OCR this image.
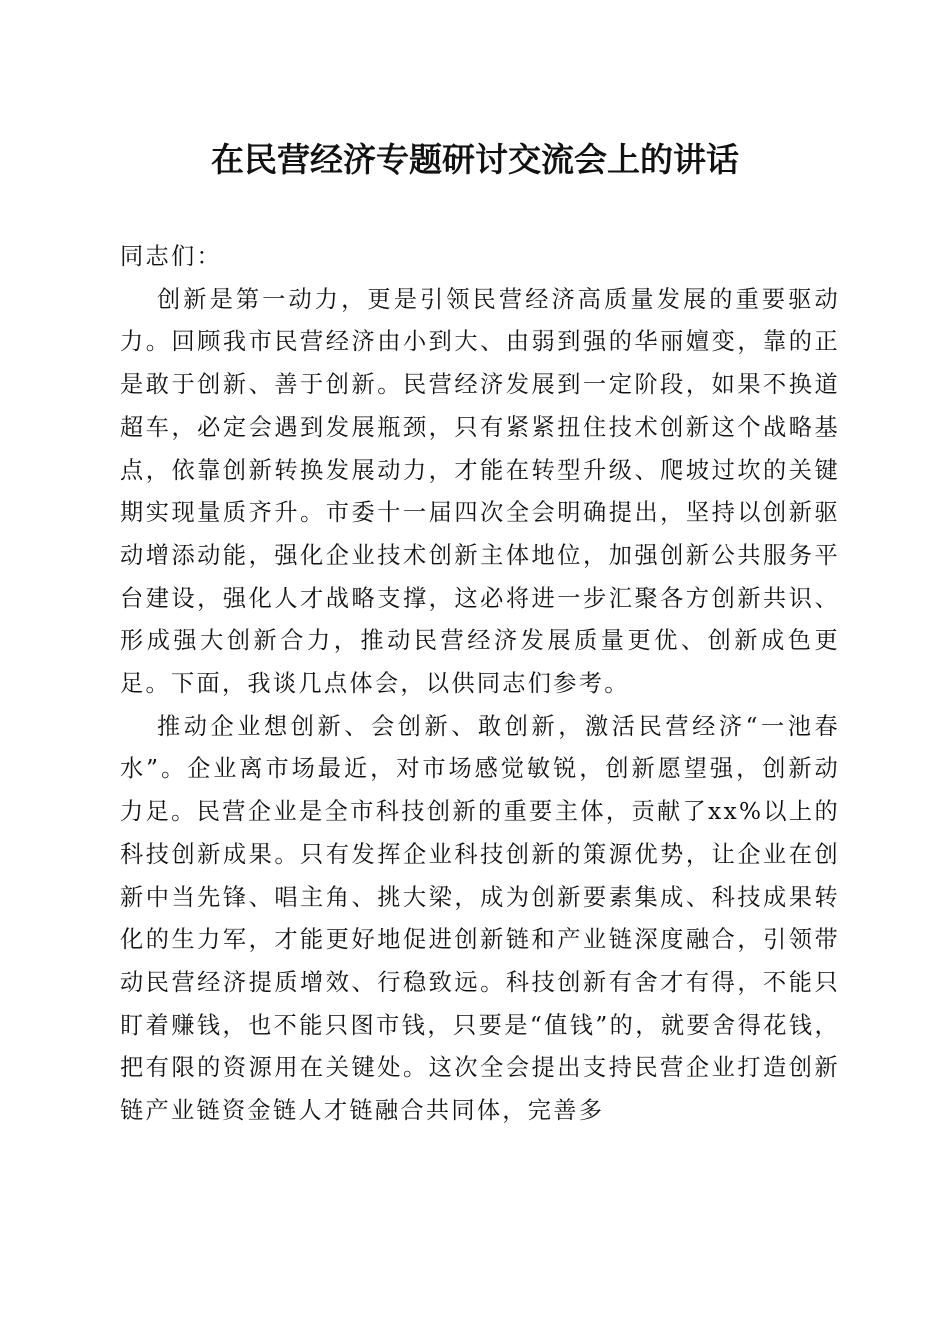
在民营经济专题研讨交流会上的讲话

同志们：

创新是第一动力，更是引领民营经济高质量发展的重要驱动力。回顾我市民营经济由小到大、由弱到强的华丽嬗变，靠的正是敢于创新、善于创新。民营经济发展到一定阶段，如果不换道超车，必定会遇到发展瓶颈，只有紧紧扭住技术创新这个战略基点，依靠创新转换发展动力，才能在转型升级、爬坡过坎的关键期实现量质齐升。市委十一届四次全会明确提出，坚持以创新驱动增添动能，强化企业技术创新主体地位，加强创新公共服务平台建设，强化人才战略支撑，这必将进一步汇聚各方创新共识、形成强大创新合力，推动民营经济发展质量更优、创新成色更足。下面，我谈几点体会，以供同志们参考。

推动企业想创新、会创新、敢创新，激活民营经济“一池春水”。企业离市场最近，对市场感觉敏锐，创新愿望强，创新动力足。民营企业是全市科技创新的重要主体，贡献了xx%以上的科技创新成果。只有发挥企业科技创新的策源优势，让企业在创新中当先锋、唱主角、挑大梁，成为创新要素集成、科技成果转化的生力军，才能更好地促进创新链和产业链深度融合，引领带动民营经济提质增效、行稳致远。科技创新有舍才有得，不能只盯着赚钱，也不能只图市钱，只要是“值钱”的，就要舍得花钱，把有限的资源用在关键处。这次全会提出支持民营企业打造创新链产业链资金链人才链融合共同体，完善多
